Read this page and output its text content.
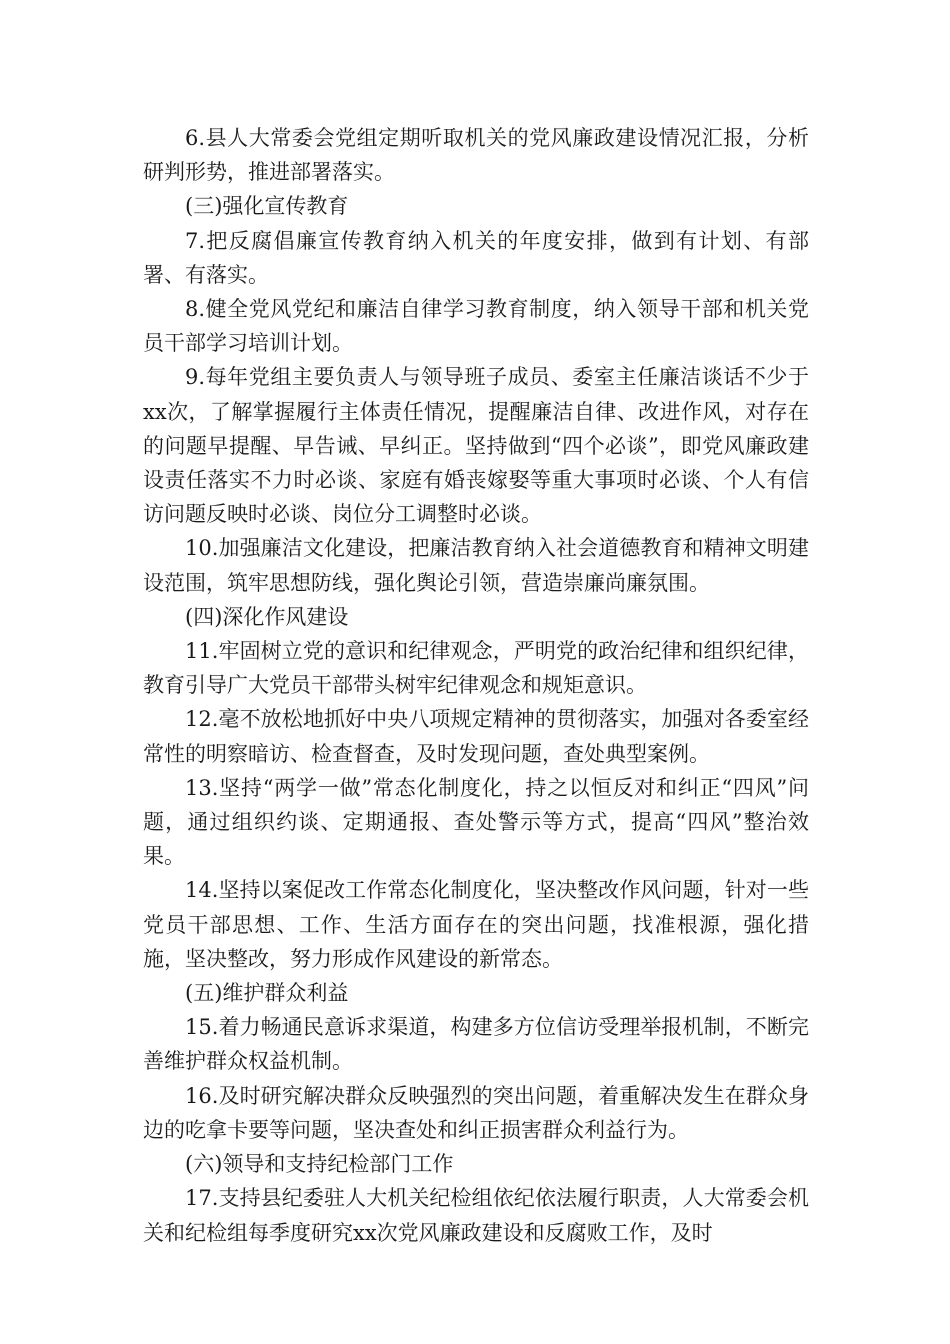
6.县人大常委会党组定期听取机关的党风廉政建设情况汇报，分析研判形势，推进部署落实。

(三)强化宣传教育

7.把反腐倡廉宣传教育纳入机关的年度安排，做到有计划、有部署、有落实。

8.健全党风党纪和廉洁自律学习教育制度，纳入领导干部和机关党员干部学习培训计划。

9.每年党组主要负责人与领导班子成员、委室主任廉洁谈话不少于xx次，了解掌握履行主体责任情况，提醒廉洁自律、改进作风，对存在的问题早提醒、早告诫、早纠正。坚持做到“四个必谈”，即党风廉政建设责任落实不力时必谈、家庭有婚丧嫁娶等重大事项时必谈、个人有信访问题反映时必谈、岗位分工调整时必谈。

10.加强廉洁文化建设，把廉洁教育纳入社会道德教育和精神文明建设范围，筑牢思想防线，强化舆论引领，营造崇廉尚廉氛围。

(四)深化作风建设

11.牢固树立党的意识和纪律观念，严明党的政治纪律和组织纪律，教育引导广大党员干部带头树牢纪律观念和规矩意识。

12.毫不放松地抓好中央八项规定精神的贯彻落实，加强对各委室经常性的明察暗访、检查督查，及时发现问题，查处典型案例。

13.坚持“两学一做”常态化制度化，持之以恒反对和纠正“四风”问题，通过组织约谈、定期通报、查处警示等方式，提高“四风”整治效果。

14.坚持以案促改工作常态化制度化，坚决整改作风问题，针对一些党员干部思想、工作、生活方面存在的突出问题，找准根源，强化措施，坚决整改，努力形成作风建设的新常态。

(五)维护群众利益

15.着力畅通民意诉求渠道，构建多方位信访受理举报机制，不断完善维护群众权益机制。

16.及时研究解决群众反映强烈的突出问题，着重解决发生在群众身边的吃拿卡要等问题，坚决查处和纠正损害群众利益行为。

(六)领导和支持纪检部门工作

17.支持县纪委驻人大机关纪检组依纪依法履行职责，人大常委会机关和纪检组每季度研究xx次党风廉政建设和反腐败工作，及时
